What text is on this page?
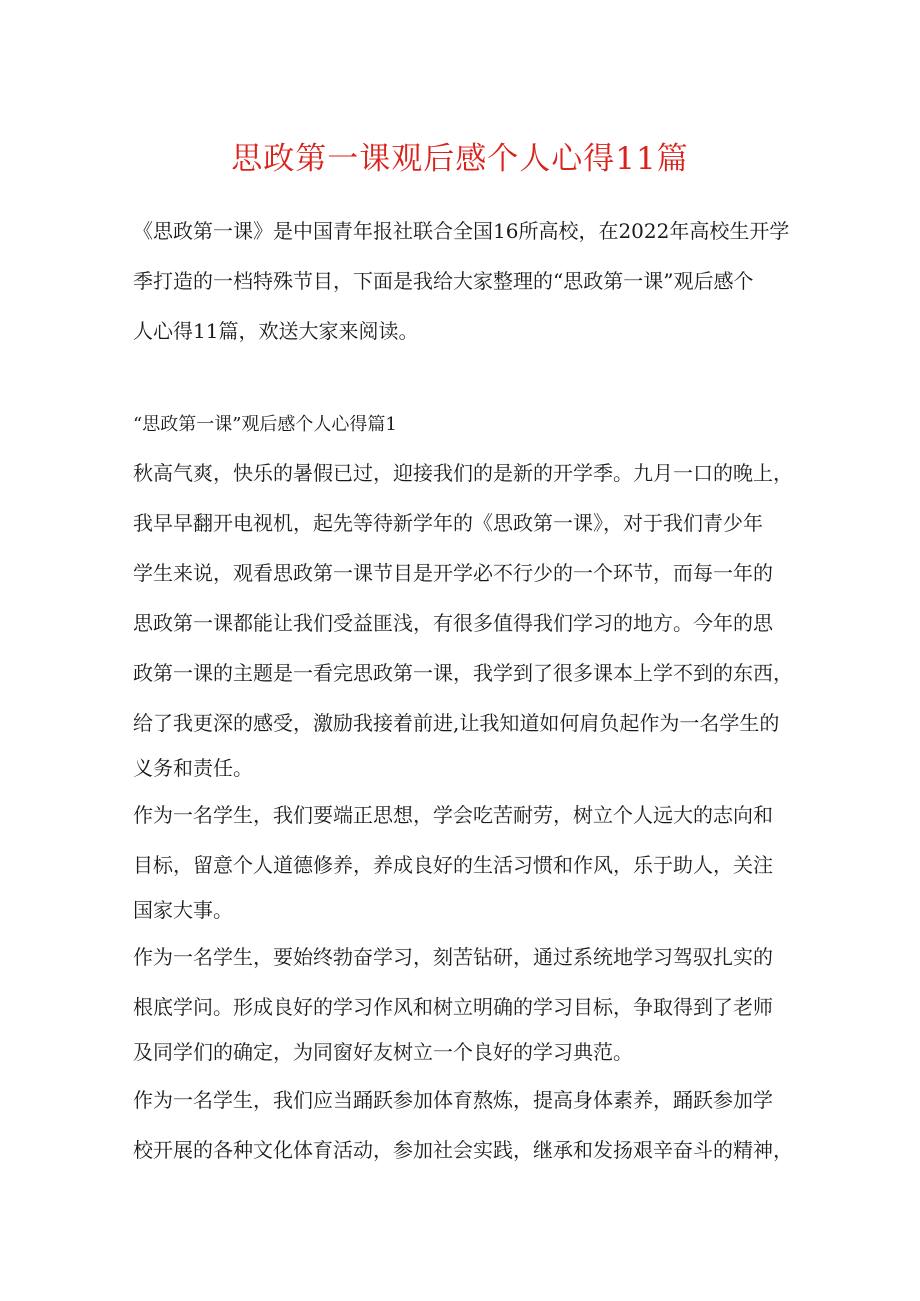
思政第一课观后感个人心得11篇
《思政第一课》是中国青年报社联合全国16所高校，在2022年高校生开学
季打造的一档特殊节目，下面是我给大家整理的“思政第一课”观后感个
人心得11篇，欢送大家来阅读。
“思政第一课”观后感个人心得篇1
秋高气爽，快乐的暑假已过，迎接我们的是新的开学季。九月一口的晚上，
我早早翻开电视机，起先等待新学年的《思政第一课》，对于我们青少年
学生来说，观看思政第一课节目是开学必不行少的一个环节，而每一年的
思政第一课都能让我们受益匪浅，有很多值得我们学习的地方。今年的思
政第一课的主题是一看完思政第一课，我学到了很多课本上学不到的东西，
给了我更深的感受，激励我接着前进,让我知道如何肩负起作为一名学生的
义务和责任。
作为一名学生，我们要端正思想，学会吃苦耐劳，树立个人远大的志向和
目标，留意个人道德修养，养成良好的生活习惯和作风，乐于助人，关注
国家大事。
作为一名学生，要始终勃奋学习，刻苦钻研，通过系统地学习驾驭扎实的
根底学问。形成良好的学习作风和树立明确的学习目标，争取得到了老师
及同学们的确定，为同窗好友树立一个良好的学习典范。
作为一名学生，我们应当踊跃参加体育熬炼，提高身体素养，踊跃参加学
校开展的各种文化体育活动，参加社会实践，继承和发扬艰辛奋斗的精神，
